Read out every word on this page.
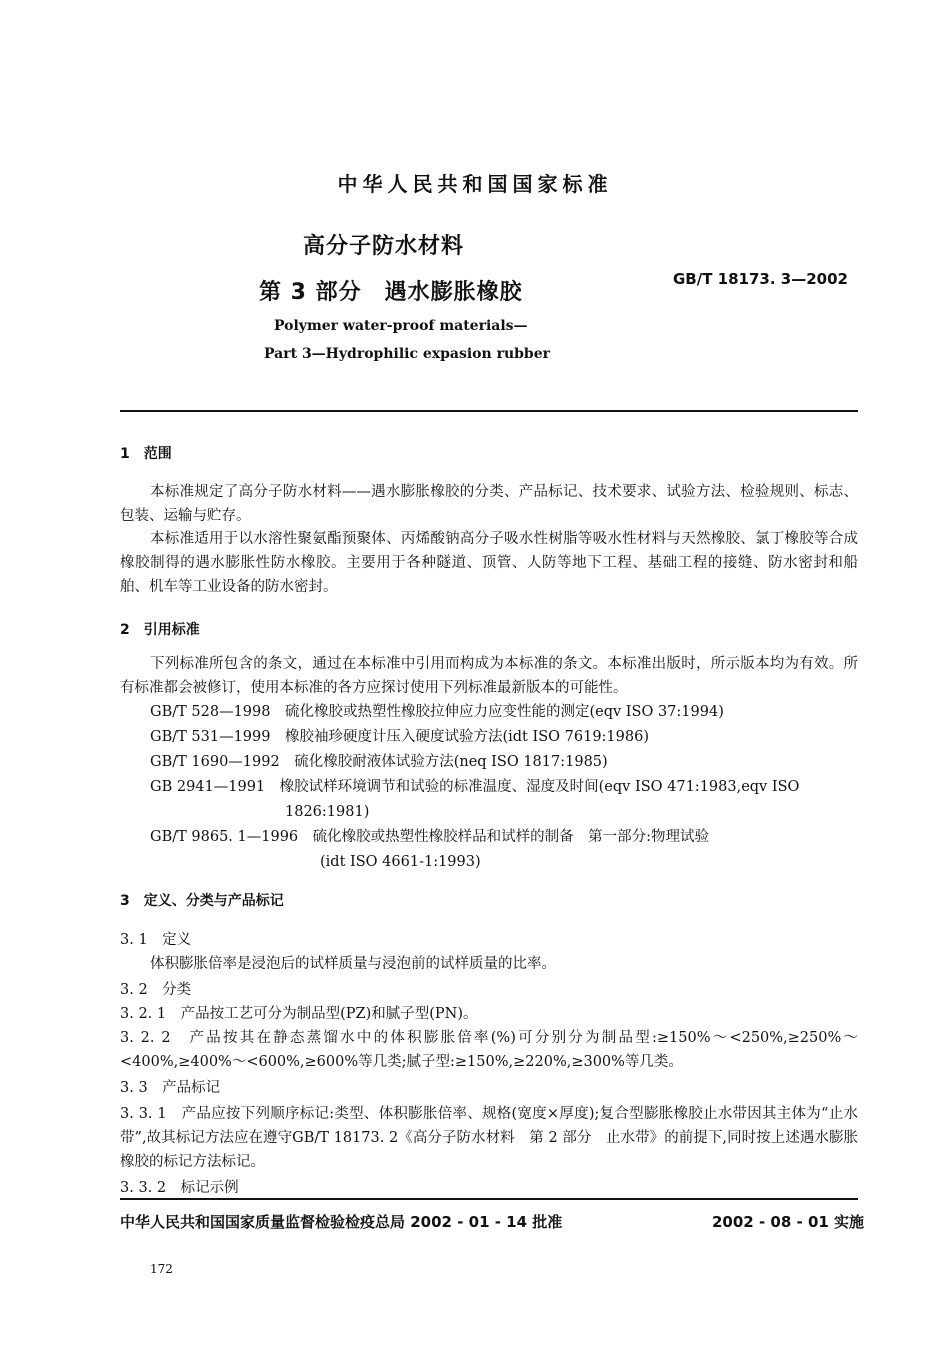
中华人民共和国国家标准
高分子防水材料
第 3 部分　遇水膨胀橡胶
GB/T 18173. 3—2002
Polymer water-proof materials—
Part 3—Hydrophilic expasion rubber
1　范围
本标准规定了高分子防水材料——遇水膨胀橡胶的分类、产品标记、技术要求、试验方法、检验规则、标志、包装、运输与贮存。
本标准适用于以水溶性聚氨酯预聚体、丙烯酸钠高分子吸水性树脂等吸水性材料与天然橡胶、氯丁橡胶等合成橡胶制得的遇水膨胀性防水橡胶。主要用于各种隧道、顶管、人防等地下工程、基础工程的接缝、防水密封和船舶、机车等工业设备的防水密封。
2　引用标准
下列标准所包含的条文，通过在本标准中引用而构成为本标准的条文。本标准出版时，所示版本均为有效。所有标准都会被修订，使用本标准的各方应探讨使用下列标准最新版本的可能性。
GB/T 528—1998　硫化橡胶或热塑性橡胶拉伸应力应变性能的测定(eqv ISO 37:1994)
GB/T 531—1999　橡胶袖珍硬度计压入硬度试验方法(idt ISO 7619:1986)
GB/T 1690—1992　硫化橡胶耐液体试验方法(neq ISO 1817:1985)
GB 2941—1991　橡胶试样环境调节和试验的标准温度、湿度及时间(eqv ISO 471:1983,eqv ISO
1826:1981)
GB/T 9865. 1—1996　硫化橡胶或热塑性橡胶样品和试样的制备　第一部分:物理试验
(idt ISO 4661-1:1993)
3　定义、分类与产品标记
3. 1　定义
体积膨胀倍率是浸泡后的试样质量与浸泡前的试样质量的比率。
3. 2　分类
3. 2. 1　产品按工艺可分为制品型(PZ)和腻子型(PN)。
3. 2. 2　产品按其在静态蒸馏水中的体积膨胀倍率(%)可分别分为制品型:≥150%～<250%,≥250%～<400%,≥400%～<600%,≥600%等几类;腻子型:≥150%,≥220%,≥300%等几类。
3. 3　产品标记
3. 3. 1　产品应按下列顺序标记:类型、体积膨胀倍率、规格(宽度×厚度);复合型膨胀橡胶止水带因其主体为“止水带”,故其标记方法应在遵守GB/T 18173. 2《高分子防水材料　第 2 部分　止水带》的前提下,同时按上述遇水膨胀橡胶的标记方法标记。
3. 3. 2　标记示例
中华人民共和国国家质量监督检验检疫总局 2002 - 01 - 14 批准	2002 - 08 - 01 实施
172
